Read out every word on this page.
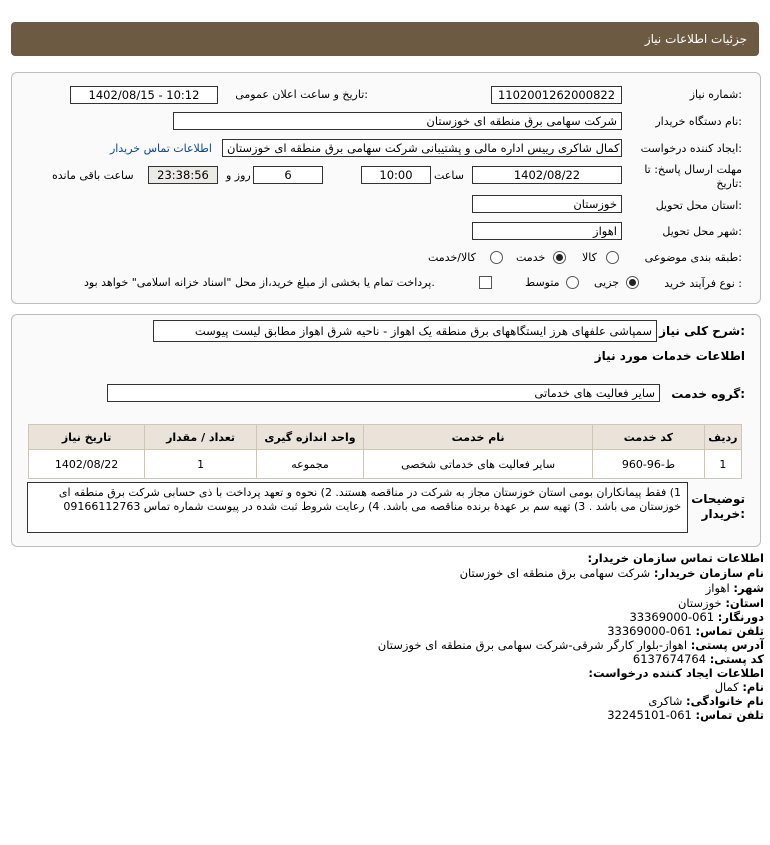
جزئیات اطلاعات نیاز
شماره نیاز:
1102001262000822
تاریخ و ساعت اعلان عمومی:
1402/08/15 - 10:12
نام دستگاه خریدار:
شرکت سهامی برق منطقه ای خوزستان
ایجاد کننده درخواست:
کمال شاکری رییس اداره مالی و پشتیبانی شرکت سهامی برق منطقه ای خوزستان
اطلاعات تماس خریدار
مهلت ارسال پاسخ: تا تاریخ:
1402/08/22
ساعت
10:00
6
روز و
23:38:56
ساعت باقی مانده
استان محل تحویل:
خوزستان
شهر محل تحویل:
اهواز
طبقه بندی موضوعی:
کالا
خدمت
کالا/خدمت
نوع فرآیند خرید :
جزیی
متوسط
پرداخت تمام یا بخشی از مبلغ خرید،از محل "اسناد خزانه اسلامی" خواهد بود.
شرح کلی نیاز:
سمپاشی علفهای هرز ایستگاههای برق منطقه یک اهواز - ناحیه شرق اهواز مطابق لیست پیوست
اطلاعات خدمات مورد نیاز
گروه خدمت:
سایر فعالیت های خدماتی
ردیف	کد خدمت	نام خدمت	واحد اندازه گیری	تعداد / مقدار	تاریخ نیاز
1	ط-96-960	سایر فعالیت های خدماتی شخصی	مجموعه	1	1402/08/22
توضیحات خریدار:
1) فقط پیمانکاران بومی استان خوزستان مجاز به شرکت در مناقصه هستند. 2) نحوه و تعهد پرداخت با ذی حسابی شرکت برق منطقه ای خوزستان می باشد . 3) تهیه سم بر عهدۀ برنده مناقصه می باشد. 4) رعایت شروط ثبت شده در پیوست شماره تماس 09166112763
اطلاعات تماس سازمان خریدار:
نام سازمان خریدار: شرکت سهامی برق منطقه ای خوزستان
شهر: اهواز
استان: خوزستان
دورنگار: 061-33369000
تلفن تماس: 061-33369000
آدرس پستی: اهواز-بلوار کارگر شرقی-شرکت سهامی برق منطقه ای خوزستان
کد پستی: 6137674764
اطلاعات ایجاد کننده درخواست:
نام: کمال
نام خانوادگی: شاکری
تلفن تماس: 061-32245101
